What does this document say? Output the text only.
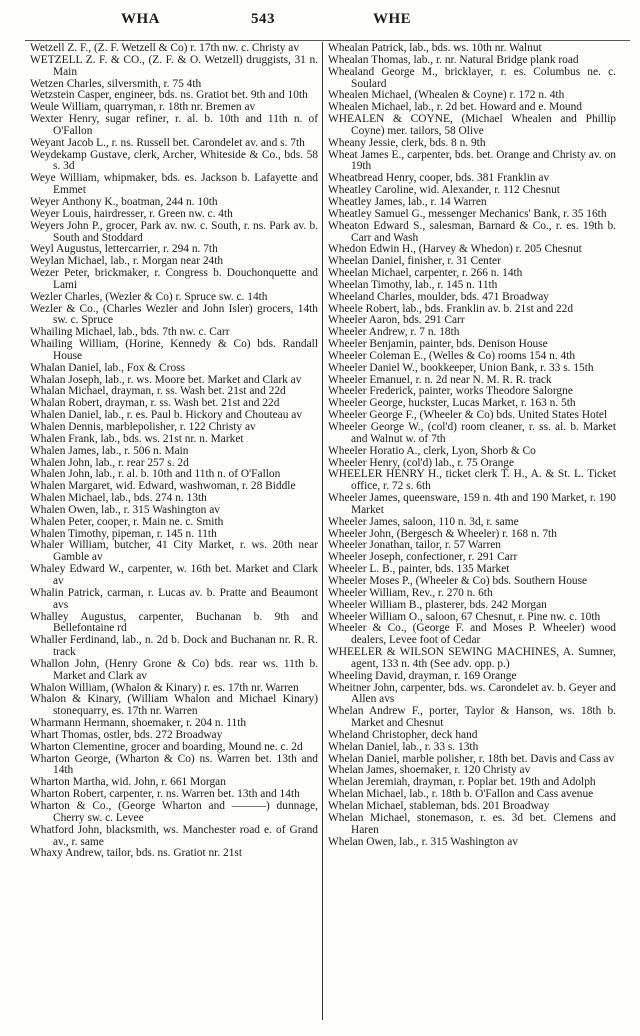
WHA	543	WHE

Wetzell Z. F., (Z. F. Wetzell & Co) r. 17th nw. c. Christy av

WETZELL Z. F. & CO., (Z. F. & O. Wetzell) druggists, 31 n. Main

Wetzen Charles, silversmith, r. 75 4th

Wetzstein Casper, engineer, bds. ns. Gratiot bet. 9th and 10th

Weule William, quarryman, r. 18th nr. Bremen av

Wexter Henry, sugar refiner, r. al. b. 10th and 11th n. of O'Fallon

Weyant Jacob L., r. ns. Russell bet. Carondelet av. and s. 7th

Weydekamp Gustave, clerk, Archer, Whiteside & Co., bds. 58 s. 3d

Weye William, whipmaker, bds. es. Jackson b. Lafayette and Emmet

Weyer Anthony K., boatman, 244 n. 10th

Weyer Louis, hairdresser, r. Green nw. c. 4th

Weyers John P., grocer, Park av. nw. c. South, r. ns. Park av. b. South and Stoddard

Weyl Augustus, lettercarrier, r. 294 n. 7th

Weylan Michael, lab., r. Morgan near 24th

Wezer Peter, brickmaker, r. Congress b. Douchonquette and Lami

Wezler Charles, (Wezler & Co) r. Spruce sw. c. 14th

Wezler & Co., (Charles Wezler and John Isler) grocers, 14th sw. c. Spruce

Whailing Michael, lab., bds. 7th nw. c. Carr

Whailing William, (Horine, Kennedy & Co) bds. Randall House

Whalan Daniel, lab., Fox & Cross

Whalan Joseph, lab., r. ws. Moore bet. Market and Clark av

Whalan Michael, drayman, r. ss. Wash bet. 21st and 22d

Whalan Robert, drayman, r. ss. Wash bet. 21st and 22d

Whalen Daniel, lab., r. es. Paul b. Hickory and Chouteau av

Whalen Dennis, marblepolisher, r. 122 Christy av

Whalen Frank, lab., bds. ws. 21st nr. n. Market

Whalen James, lab., r. 506 n. Main

Whalen John, lab., r. rear 257 s. 2d

Whalen John, lab., r. al. b. 10th and 11th n. of O'Fallon

Whalen Margaret, wid. Edward, washwoman, r. 28 Biddle

Whalen Michael, lab., bds. 274 n. 13th

Whalen Owen, lab., r. 315 Washington av

Whalen Peter, cooper, r. Main ne. c. Smith

Whalen Timothy, pipeman, r. 145 n. 11th

Whaler William, butcher, 41 City Market, r. ws. 20th near Gamble av

Whaley Edward W., carpenter, w. 16th bet. Market and Clark av

Whalin Patrick, carman, r. Lucas av. b. Pratte and Beaumont avs

Whalley Augustus, carpenter, Buchanan b. 9th and Bellefontaine rd

Whaller Ferdinand, lab., n. 2d b. Dock and Buchanan nr. R. R. track

Whallon John, (Henry Grone & Co) bds. rear ws. 11th b. Market and Clark av

Whalon William, (Whalon & Kinary) r. es. 17th nr. Warren

Whalon & Kinary, (William Whalon and Michael Kinary) stonequarry, es. 17th nr. Warren

Wharmann Hermann, shoemaker, r. 204 n. 11th

Whart Thomas, ostler, bds. 272 Broadway

Wharton Clementine, grocer and boarding, Mound ne. c. 2d

Wharton George, (Wharton & Co) ns. Warren bet. 13th and 14th

Wharton Martha, wid. John, r. 661 Morgan

Wharton Robert, carpenter, r. ns. Warren bet. 13th and 14th

Wharton & Co., (George Wharton and ———) dunnage, Cherry sw. c. Levee

Whatford John, blacksmith, ws. Manchester road e. of Grand av., r. same

Whaxy Andrew, tailor, bds. ns. Gratiot nr. 21st

Whealan Patrick, lab., bds. ws. 10th nr. Walnut

Whealan Thomas, lab., r. nr. Natural Bridge plank road

Whealand George M., bricklayer, r. es. Columbus ne. c. Soulard

Whealen Michael, (Whealen & Coyne) r. 172 n. 4th

Whealen Michael, lab., r. 2d bet. Howard and e. Mound

WHEALEN & COYNE, (Michael Whealen and Phillip Coyne) mer. tailors, 58 Olive

Wheany Jessie, clerk, bds. 8 n. 9th

Wheat James E., carpenter, bds. bet. Orange and Christy av. on 19th

Wheatbread Henry, cooper, bds. 381 Franklin av

Wheatley Caroline, wid. Alexander, r. 112 Chesnut

Wheatley James, lab., r. 14 Warren

Wheatley Samuel G., messenger Mechanics' Bank, r. 35 16th

Wheaton Edward S., salesman, Barnard & Co., r. es. 19th b. Carr and Wash

Whedon Edwin H., (Harvey & Whedon) r. 205 Chesnut

Wheelan Daniel, finisher, r. 31 Center

Wheelan Michael, carpenter, r. 266 n. 14th

Wheelan Timothy, lab., r. 145 n. 11th

Wheeland Charles, moulder, bds. 471 Broadway

Wheele Robert, lab., bds. Franklin av. b. 21st and 22d

Wheeler Aaron, bds. 291 Carr

Wheeler Andrew, r. 7 n. 18th

Wheeler Benjamin, painter, bds. Denison House

Wheeler Coleman E., (Welles & Co) rooms 154 n. 4th

Wheeler Daniel W., bookkeeper, Union Bank, r. 33 s. 15th

Wheeler Emanuel, r. n. 2d near N. M. R. R. track

Wheeler Frederick, painter, works Theodore Salorgne

Wheeler George, huckster, Lucas Market, r. 163 n. 5th

Wheeler George F., (Wheeler & Co) bds. United States Hotel

Wheeler George W., (col'd) room cleaner, r. ss. al. b. Market and Walnut w. of 7th

Wheeler Horatio A., clerk, Lyon, Shorb & Co

Wheeler Henry, (col'd) lab., r. 75 Orange

WHEELER HENRY H., ticket clerk T. H., A. & St. L. Ticket office, r. 72 s. 6th

Wheeler James, queensware, 159 n. 4th and 190 Market, r. 190 Market

Wheeler James, saloon, 110 n. 3d, r. same

Wheeler John, (Bergesch & Wheeler) r. 168 n. 7th

Wheeler Jonathan, tailor, r. 57 Warren

Wheeler Joseph, confectioner, r. 291 Carr

Wheeler L. B., painter, bds. 135 Market

Wheeler Moses P., (Wheeler & Co) bds. Southern House

Wheeler William, Rev., r. 270 n. 6th

Wheeler William B., plasterer, bds. 242 Morgan

Wheeler William O., saloon, 67 Chesnut, r. Pine nw. c. 10th

Wheeler & Co., (George F. and Moses P. Wheeler) wood dealers, Levee foot of Cedar

WHEELER & WILSON SEWING MACHINES, A. Sumner, agent, 133 n. 4th (See adv. opp. p.)

Wheeling David, drayman, r. 169 Orange

Wheitner John, carpenter, bds. ws. Carondelet av. b. Geyer and Allen avs

Whelan Andrew F., porter, Taylor & Hanson, ws. 18th b. Market and Chesnut

Wheland Christopher, deck hand

Whelan Daniel, lab., r. 33 s. 13th

Whelan Daniel, marble polisher, r. 18th bet. Davis and Cass av

Whelan James, shoemaker, r. 120 Christy av

Whelan Jeremiah, drayman, r. Poplar bet. 19th and Adolph

Whelan Michael, lab., r. 18th b. O'Fallon and Cass avenue

Whelan Michael, stableman, bds. 201 Broadway

Whelan Michael, stonemason, r. es. 3d bet. Clemens and Haren

Whelan Owen, lab., r. 315 Washington av
